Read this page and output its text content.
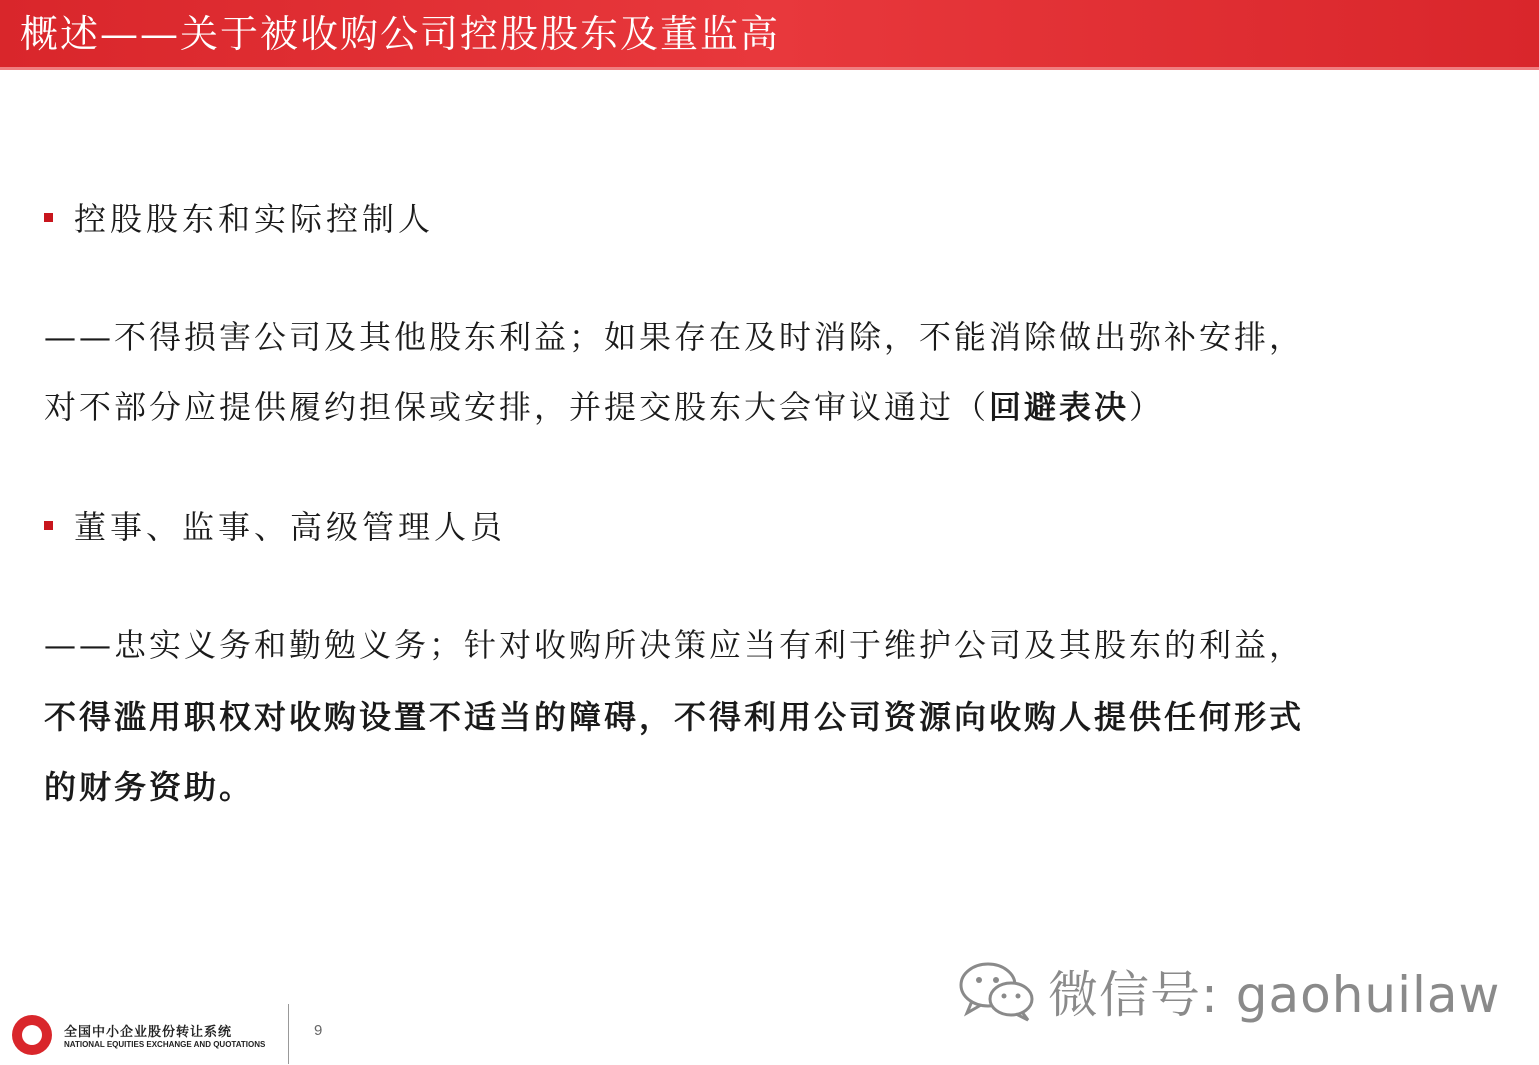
概述——关于被收购公司控股股东及董监高
控股股东和实际控制人
——不得损害公司及其他股东利益；如果存在及时消除，不能消除做出弥补安排，
对不部分应提供履约担保或安排，并提交股东大会审议通过（回避表决）
董事、监事、高级管理人员
——忠实义务和勤勉义务；针对收购所决策应当有利于维护公司及其股东的利益，
不得滥用职权对收购设置不适当的障碍，不得利用公司资源向收购人提供任何形式
的财务资助。
微信号: gaohuilaw
全国中小企业股份转让系统
NATIONAL EQUITIES EXCHANGE AND QUOTATIONS
9
